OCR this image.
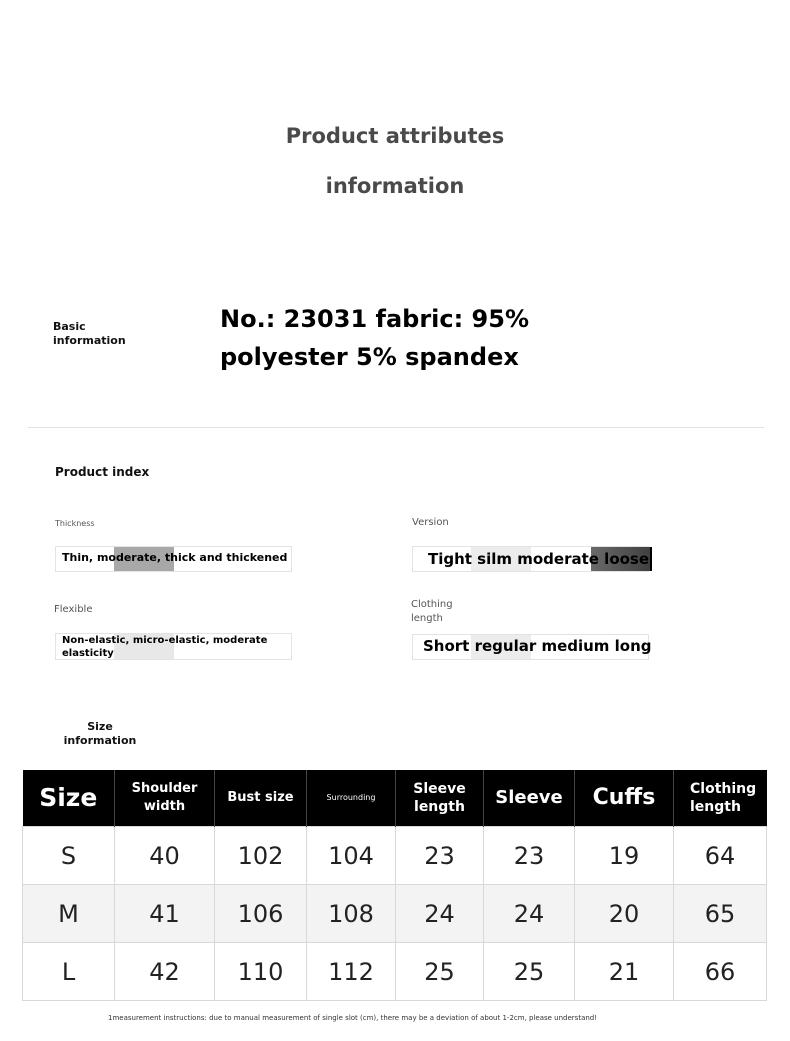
Product attributes
information
Basic information
No.: 23031 fabric: 95%
polyester 5% spandex
Product index
Thickness
Thin, moderate, thick and thickened
Version
Tight silm moderate loose
Flexible
Non-elastic, micro-elastic, moderate elasticity
Clothing length
Short regular medium long
Size information
Size	Shoulder width	Bust size	Surrounding	Sleeve length	Sleeve	Cuffs	Clothing length
S	40	102	104	23	23	19	64
M	41	106	108	24	24	20	65
L	42	110	112	25	25	21	66
1measurement instructions: due to manual measurement of single slot (cm), there may be a deviation of about 1-2cm, please understand!
